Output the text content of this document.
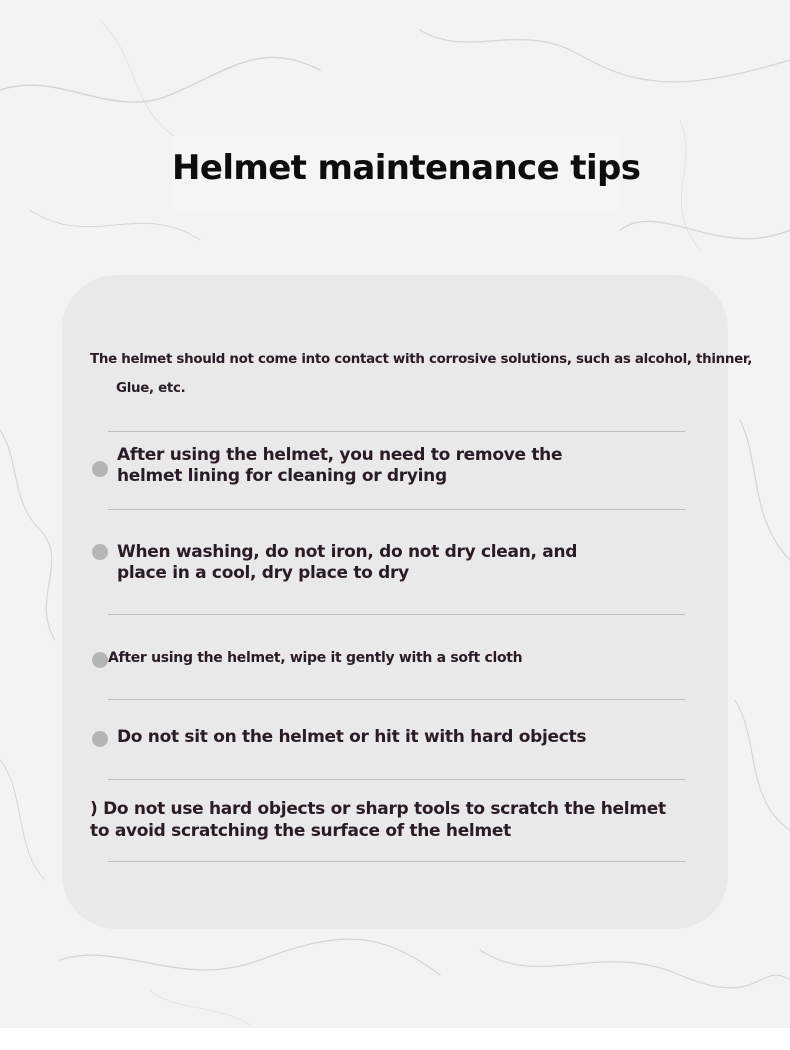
Helmet maintenance tips
The helmet should not come into contact with corrosive solutions, such as alcohol, thinner,
Glue, etc.
After using the helmet, you need to remove the helmet lining for cleaning or drying
When washing, do not iron, do not dry clean, and place in a cool, dry place to dry
After using the helmet, wipe it gently with a soft cloth
Do not sit on the helmet or hit it with hard objects
) Do not use hard objects or sharp tools to scratch the helmet to avoid scratching the surface of the helmet
